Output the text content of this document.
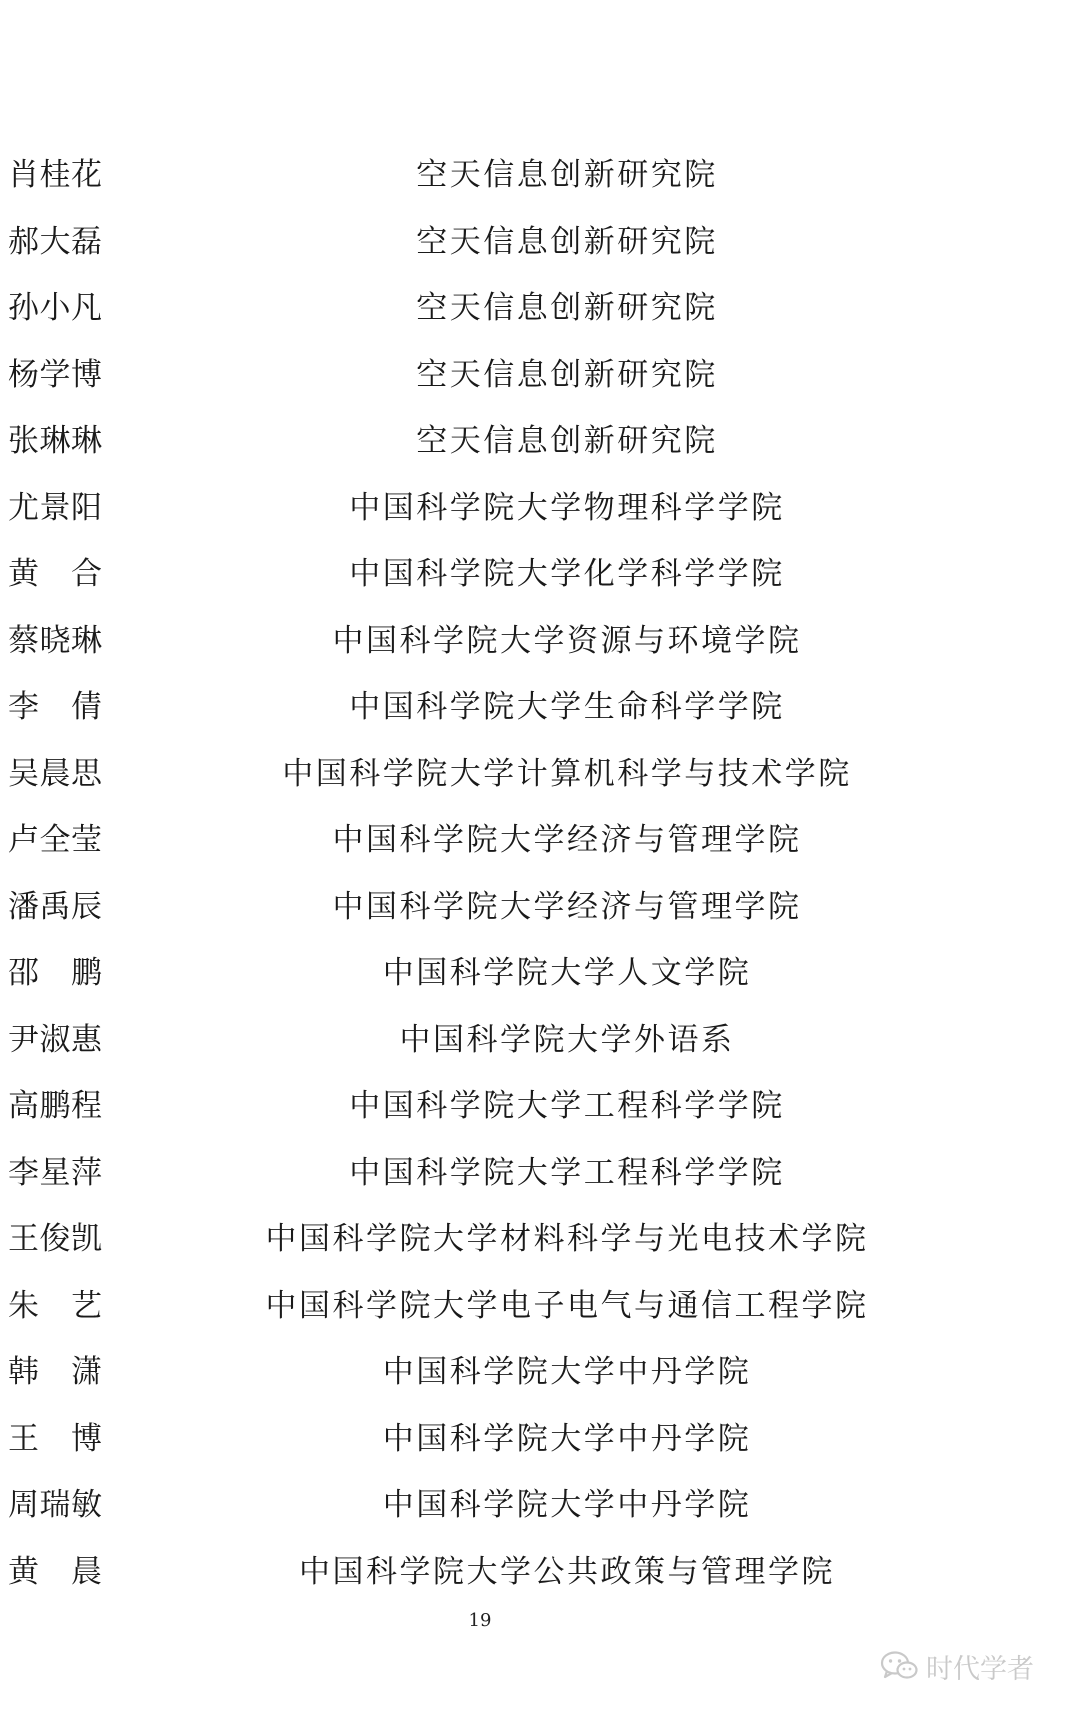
肖桂花	空天信息创新研究院
郝大磊	空天信息创新研究院
孙小凡	空天信息创新研究院
杨学博	空天信息创新研究院
张琳琳	空天信息创新研究院
尤景阳	中国科学院大学物理科学学院
黄　合	中国科学院大学化学科学学院
蔡晓琳	中国科学院大学资源与环境学院
李　倩	中国科学院大学生命科学学院
吴晨思	中国科学院大学计算机科学与技术学院
卢全莹	中国科学院大学经济与管理学院
潘禹辰	中国科学院大学经济与管理学院
邵　鹏	中国科学院大学人文学院
尹淑惠	中国科学院大学外语系
高鹏程	中国科学院大学工程科学学院
李星萍	中国科学院大学工程科学学院
王俊凯	中国科学院大学材料科学与光电技术学院
朱　艺	中国科学院大学电子电气与通信工程学院
韩　潇	中国科学院大学中丹学院
王　博	中国科学院大学中丹学院
周瑞敏	中国科学院大学中丹学院
黄　晨	中国科学院大学公共政策与管理学院
19
时代学者
